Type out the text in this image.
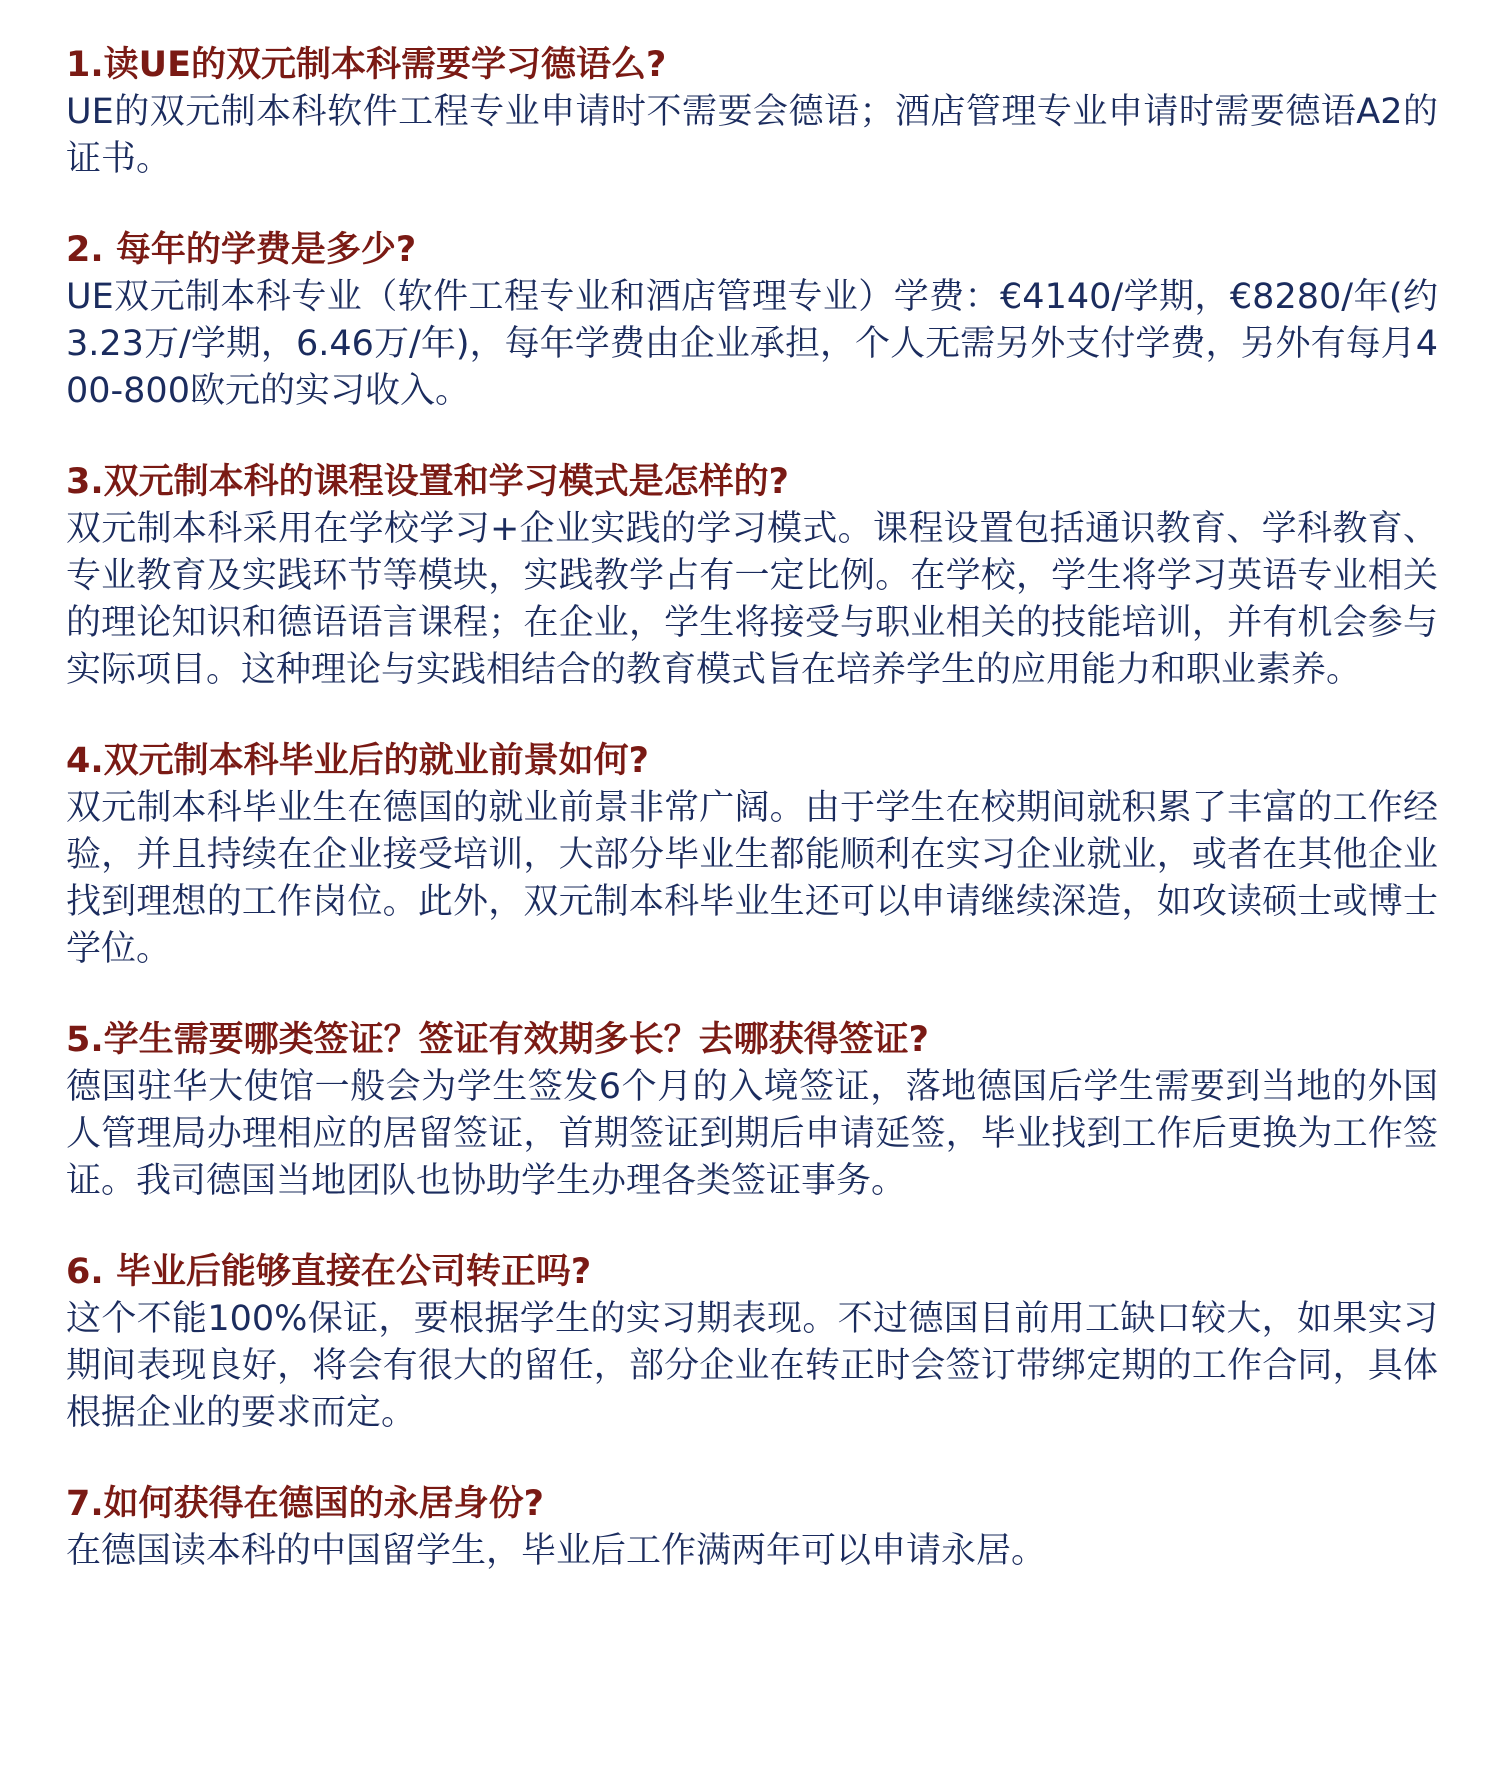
1.读UE的双元制本科需要学习德语么?

UE的双元制本科软件工程专业申请时不需要会德语；酒店管理专业申请时需要德语A2的证书。

2. 每年的学费是多少?

UE双元制本科专业（软件工程专业和酒店管理专业）学费：€4140/学期，€8280/年(约3.23万/学期，6.46万/年)，每年学费由企业承担，个人无需另外支付学费，另外有每月400-800欧元的实习收入。

3.双元制本科的课程设置和学习模式是怎样的?

双元制本科采用在学校学习+企业实践的学习模式。课程设置包括通识教育、学科教育、专业教育及实践环节等模块，实践教学占有一定比例。在学校，学生将学习英语专业相关的理论知识和德语语言课程；在企业，学生将接受与职业相关的技能培训，并有机会参与实际项目。这种理论与实践相结合的教育模式旨在培养学生的应用能力和职业素养。

4.双元制本科毕业后的就业前景如何?

双元制本科毕业生在德国的就业前景非常广阔。由于学生在校期间就积累了丰富的工作经验，并且持续在企业接受培训，大部分毕业生都能顺利在实习企业就业，或者在其他企业找到理想的工作岗位。此外，双元制本科毕业生还可以申请继续深造，如攻读硕士或博士学位。

5.学生需要哪类签证？签证有效期多长？去哪获得签证?

德国驻华大使馆一般会为学生签发6个月的入境签证，落地德国后学生需要到当地的外国人管理局办理相应的居留签证，首期签证到期后申请延签，毕业找到工作后更换为工作签证。我司德国当地团队也协助学生办理各类签证事务。

6. 毕业后能够直接在公司转正吗?

这个不能100%保证，要根据学生的实习期表现。不过德国目前用工缺口较大，如果实习期间表现良好，将会有很大的留任，部分企业在转正时会签订带绑定期的工作合同，具体根据企业的要求而定。

7.如何获得在德国的永居身份?

在德国读本科的中国留学生，毕业后工作满两年可以申请永居。
